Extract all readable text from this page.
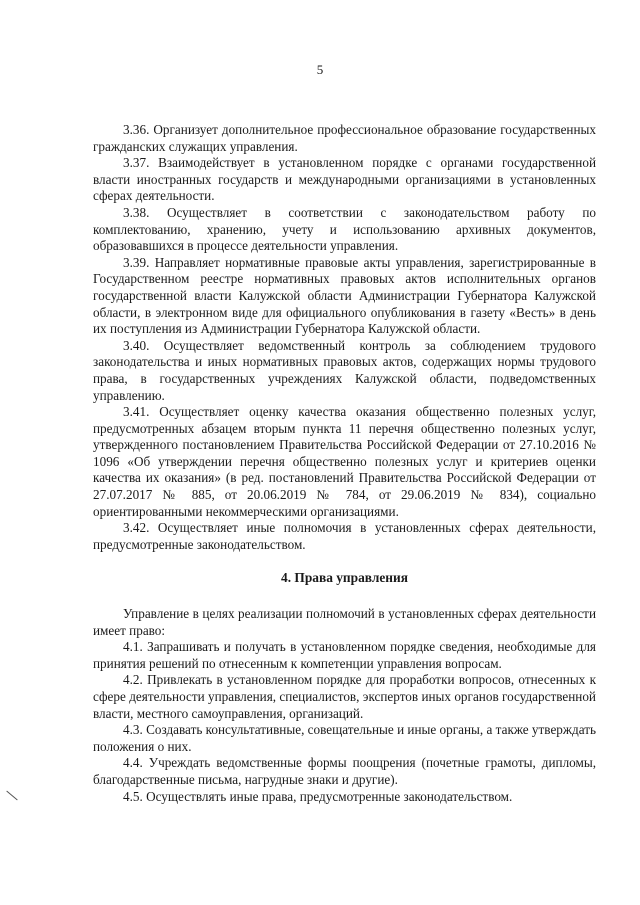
5

3.36. Организует дополнительное профессиональное образование государственных гражданских служащих управления.

3.37. Взаимодействует в установленном порядке с органами государственной власти иностранных государств и международными организациями в установленных сферах деятельности.

3.38. Осуществляет в соответствии с законодательством работу по комплектованию, хранению, учету и использованию архивных документов, образовавшихся в процессе деятельности управления.

3.39. Направляет нормативные правовые акты управления, зарегистрированные в Государственном реестре нормативных правовых актов исполнительных органов государственной власти Калужской области Администрации Губернатора Калужской области, в электронном виде для официального опубликования в газету «Весть» в день их поступления из Администрации Губернатора Калужской области.

3.40. Осуществляет ведомственный контроль за соблюдением трудового законодательства и иных нормативных правовых актов, содержащих нормы трудового права, в государственных учреждениях Калужской области, подведомственных управлению.

3.41. Осуществляет оценку качества оказания общественно полезных услуг, предусмотренных абзацем вторым пункта 11 перечня общественно полезных услуг, утвержденного постановлением Правительства Российской Федерации от 27.10.2016 № 1096 «Об утверждении перечня общественно полезных услуг и критериев оценки качества их оказания» (в ред. постановлений Правительства Российской Федерации от 27.07.2017 № 885, от 20.06.2019 № 784, от 29.06.2019 № 834), социально ориентированными некоммерческими организациями.

3.42. Осуществляет иные полномочия в установленных сферах деятельности, предусмотренные законодательством.

4. Права управления

Управление в целях реализации полномочий в установленных сферах деятельности имеет право:

4.1. Запрашивать и получать в установленном порядке сведения, необходимые для принятия решений по отнесенным к компетенции управления вопросам.

4.2. Привлекать в установленном порядке для проработки вопросов, отнесенных к сфере деятельности управления, специалистов, экспертов иных органов государственной власти, местного самоуправления, организаций.

4.3. Создавать консультативные, совещательные и иные органы, а также утверждать положения о них.

4.4. Учреждать ведомственные формы поощрения (почетные грамоты, дипломы, благодарственные письма, нагрудные знаки и другие).

4.5. Осуществлять иные права, предусмотренные законодательством.
